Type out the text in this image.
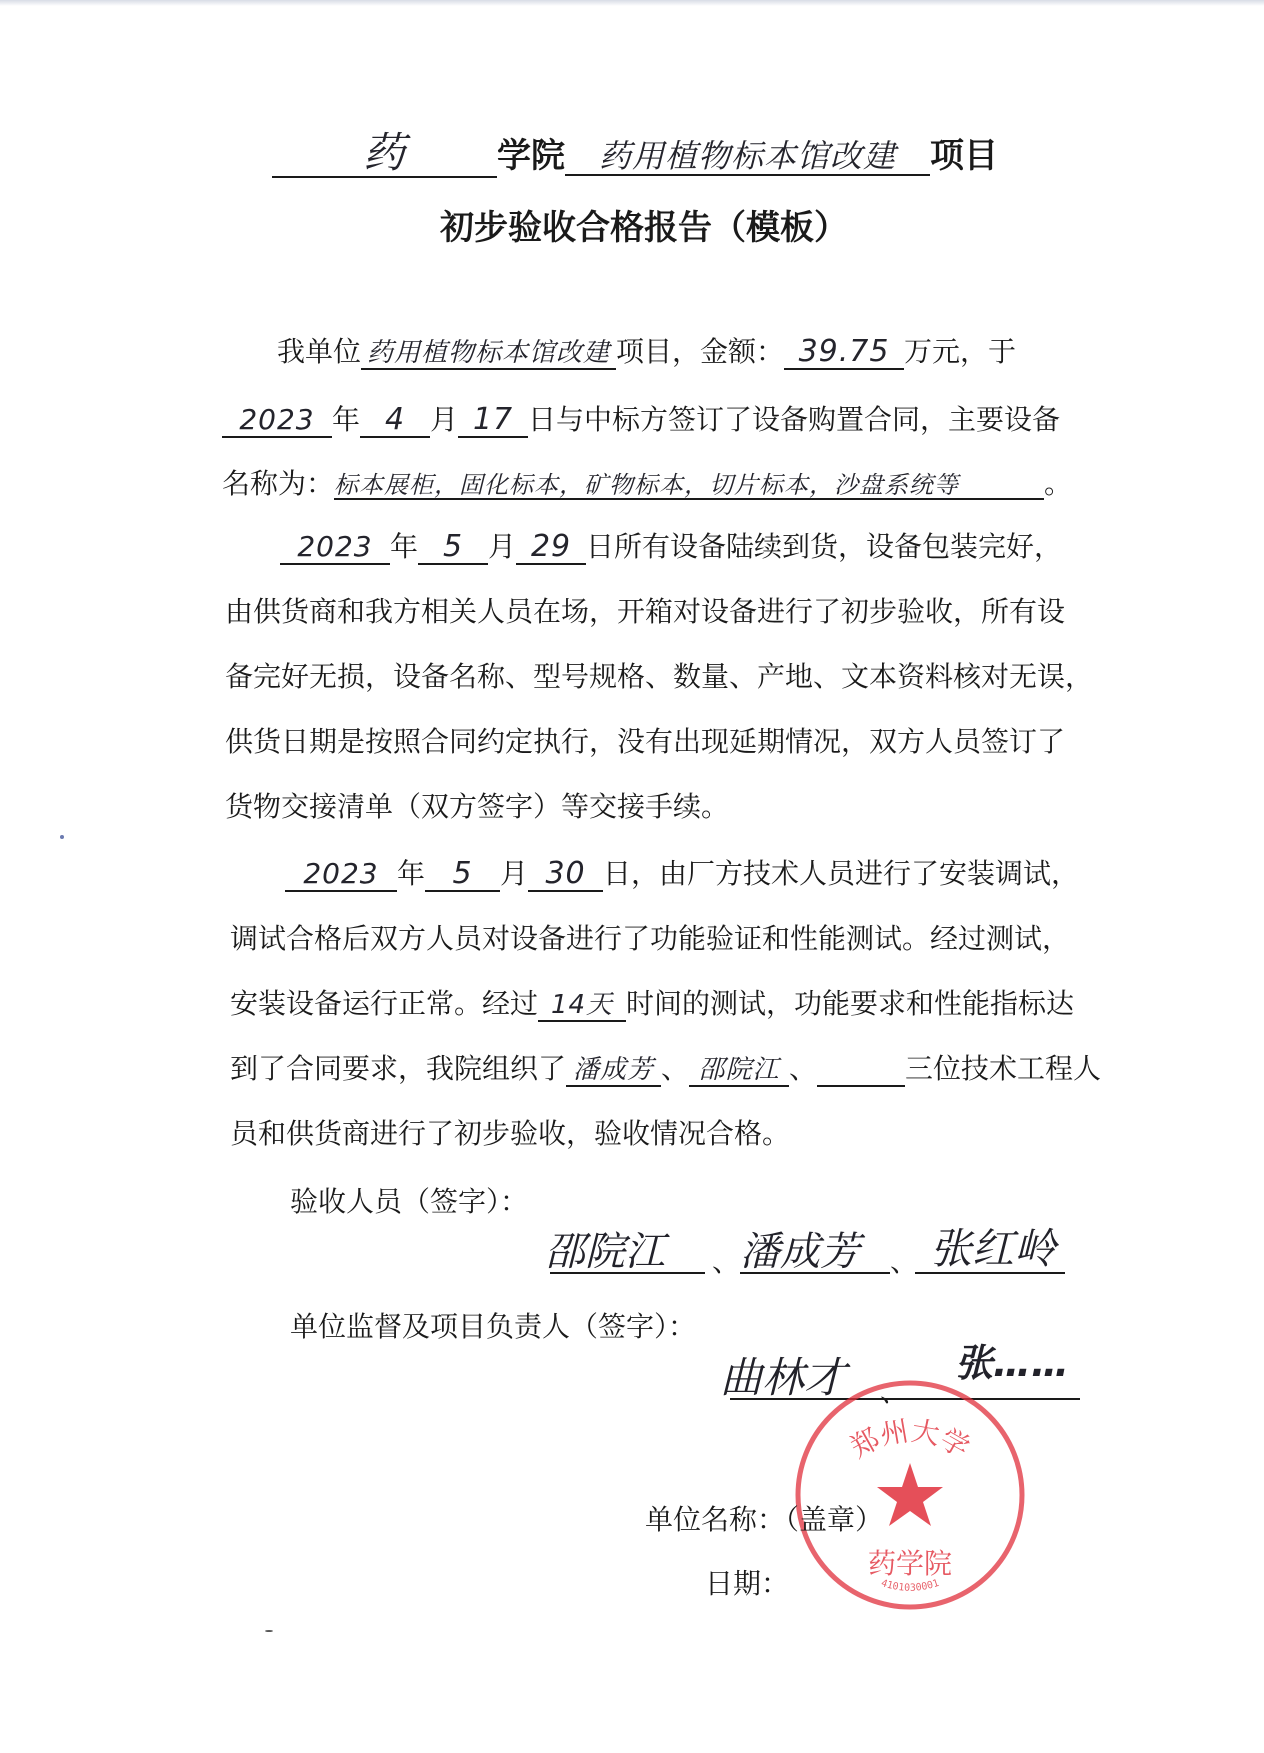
药	学院 药用植物标本馆改建 项目
初步验收合格报告（模板）
我单位 药用植物标本馆改建 项目，金额： 39.75 万元，于
2023 年 4 月 17 日与中标方签订了设备购置合同，主要设备
名称为：标本展柜，固化标本，矿物标本，切片标本，沙盘系统等	。
2023 年 5 月 29 日所有设备陆续到货，设备包装完好，
由供货商和我方相关人员在场，开箱对设备进行了初步验收，所有设
备完好无损，设备名称、型号规格、数量、产地、文本资料核对无误，
供货日期是按照合同约定执行，没有出现延期情况，双方人员签订了
货物交接清单（双方签字）等交接手续。
2023 年 5 月 30 日，由厂方技术人员进行了安装调试，
调试合格后双方人员对设备进行了功能验证和性能测试。经过测试，
安装设备运行正常。经过 14天 时间的测试，功能要求和性能指标达
到了合同要求，我院组织了 潘成芳 、 邵院江 、	三位技术工程人
员和供货商进行了初步验收，验收情况合格。
验收人员（签字）：
邵院江 、 潘成芳 、 张红岭
单位监督及项目负责人（签字）：
曲林才 、
张……
郑州大学
药学院
4101030001
单位名称：（盖章）
日期：
